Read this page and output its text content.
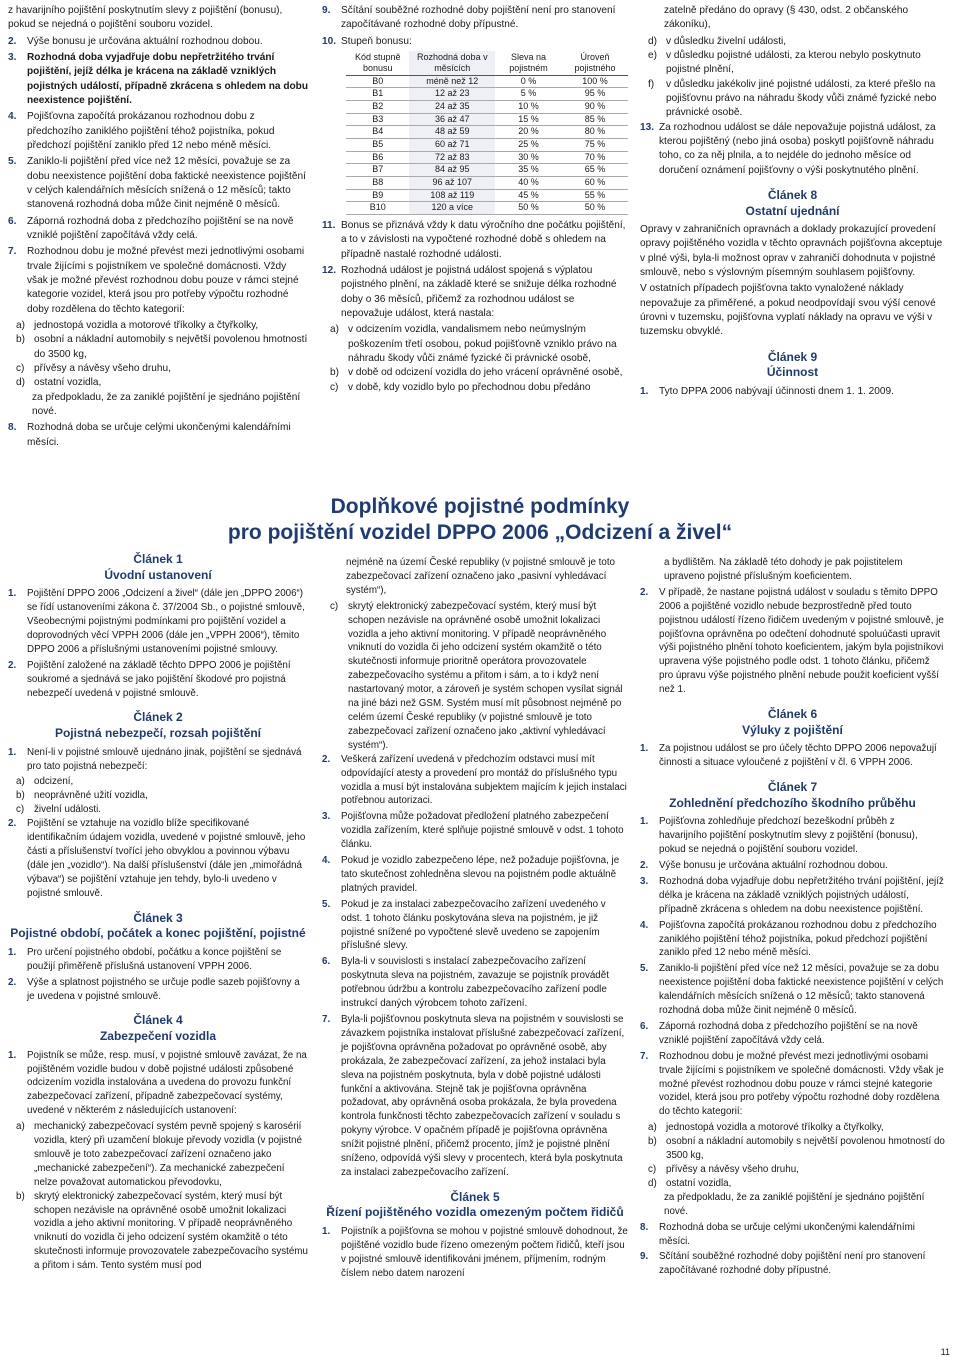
z havarijního pojištění poskytnutím slevy z pojištění (bonusu), pokud se nejedná o pojištění souboru vozidel.

2.	Výše bonusu je určována aktuální rozhodnou dobou.
3.	Rozhodná doba vyjadřuje dobu nepřetržitého trvání pojištění, jejíž délka je krácena na základě vzniklých pojistných událostí, případně zkrácena s ohledem na dobu neexistence pojištění.
4.	Pojišťovna započítá prokázanou rozhodnou dobu z předchozího zaniklého pojištění téhož pojistníka, pokud předchozí pojištění zaniklo před 12 nebo méně měsíci.
5.	Zaniklo-li pojištění před více než 12 měsíci, považuje se za dobu neexistence pojištění doba faktické neexistence pojištění v celých kalendářních měsících snížená o 12 měsíců; takto stanovená rozhodná doba může činit nejméně 0 měsíců.
6.	Záporná rozhodná doba z předchozího pojištění se na nově vzniklé pojištění započítává vždy celá.
7.	Rozhodnou dobu je možné převést mezi jednotlivými osobami trvale žijícími s pojistníkem ve společné domácnosti. Vždy však je možné převést rozhodnou dobu pouze v rámci stejné kategorie vozidel, která jsou pro potřeby výpočtu rozhodné doby rozdělena do těchto kategorií:
a) jednostopá vozidla a motorové tříkolky a čtyřkolky,
b) osobní a nákladní automobily s největší povolenou hmotností do 3500 kg,
c) přívěsy a návěsy všeho druhu,
d) ostatní vozidla,

za předpokladu, že za zaniklé pojištění je sjednáno pojištění nové.

8.	Rozhodná doba se určuje celými ukončenými kalendářními měsíci.
9.	Sčítání souběžné rozhodné doby pojištění není pro stanovení započítávané rozhodné doby přípustné.
10. Stupeň bonusu:
Kód stupně bonusu	Rozhodná doba v měsících	Sleva na pojistném	Úroveň pojistného
B0	méně než 12	0 %	100 %
B1	12 až 23	5 %	95 %
B2	24 až 35	10 %	90 %
B3	36 až 47	15 %	85 %
B4	48 až 59	20 %	80 %
B5	60 až 71	25 %	75 %
B6	72 až 83	30 %	70 %
B7	84 až 95	35 %	65 %
B8	96 až 107	40 %	60 %
B9	108 až 119	45 %	55 %
B10	120 a více	50 %	50 %
11. Bonus se přiznává vždy k datu výročního dne počátku pojištění, a to v závislosti na vypočtené rozhodné době s ohledem na případně nastalé rozhodné události.
12. Rozhodná událost je pojistná událost spojená s výplatou pojistného plnění, na základě které se snižuje délka rozhodné doby o 36 měsíců, přičemž za rozhodnou událost se nepovažuje událost, která nastala:
a) v odcizením vozidla, vandalismem nebo neúmyslným poškozením třetí osobou, pokud pojišťovně vzniklo právo na náhradu škody vůči známé fyzické či právnické osobě,
b) v době od odcizení vozidla do jeho vrácení oprávněné osobě,
c) v době, kdy vozidlo bylo po přechodnou dobu předáno

zatelně předáno do opravy (§ 430, odst. 2 občanského zákoníku),

d) v důsledku živelní události,
e) v důsledku pojistné události, za kterou nebylo poskytnuto pojistné plnění,
f)	v důsledku jakékoliv jiné pojistné události, za které přešlo na pojišťovnu právo na náhradu škody vůči známé fyzické nebo právnické osobě.
13. Za rozhodnou událost se dále nepovažuje pojistná událost, za kterou pojištěný (nebo jiná osoba) poskytl pojišťovně náhradu toho, co za něj plnila, a to nejdéle do jednoho měsíce od doručení oznámení pojišťovny o výši poskytnutého plnění.
Článek 8
Ostatní ujednání

Opravy v zahraničních opravnách a doklady prokazující provedení opravy pojištěného vozidla v těchto opravnách pojišťovna akceptuje v plné výši, byla-li možnost oprav v zahraničí dohodnuta v pojistné smlouvě, nebo s výslovným písemným souhlasem pojišťovny.

V ostatních případech pojišťovna takto vynaložené náklady nepovažuje za přiměřené, a pokud neodpovídají svou výší cenové úrovni v tuzemsku, pojišťovna vyplatí náklady na opravu ve výši v tuzemsku obvyklé.

Článek 9
Účinnost
1.	Tyto DPPA 2006 nabývají účinnosti dnem 1. 1. 2009.
Doplňkové pojistné podmínky
pro pojištění vozidel DPPO 2006 „Odcizení a živel“
Článek 1
Úvodní ustanovení
1.	Pojištění DPPO 2006 „Odcizení a živel“ (dále jen „DPPO 2006“) se řídí ustanoveními zákona č. 37/2004 Sb., o pojistné smlouvě, Všeobecnými pojistnými podmínkami pro pojištění vozidel a doprovodných věcí VPPH 2006 (dále jen „VPPH 2006“), těmito DPPO 2006 a příslušnými ustanoveními pojistné smlouvy.
2.	Pojištění založené na základě těchto DPPO 2006 je pojištění soukromé a sjednává se jako pojištění škodové pro pojistná nebezpečí uvedená v pojistné smlouvě.
Článek 2
Pojistná nebezpečí, rozsah pojištění
1.	Není-li v pojistné smlouvě ujednáno jinak, pojištění se sjednává pro tato pojistná nebezpečí:
a) odcizení,
b) neoprávněné užití vozidla,
c)	živelní události.
2.	Pojištění se vztahuje na vozidlo blíže specifikované identifikačním údajem vozidla, uvedené v pojistné smlouvě, jeho části a příslušenství tvořící jeho obvyklou a povinnou výbavu (dále jen „vozidlo“). Na další příslušenství (dále jen „mimořádná výbava“) se pojištění vztahuje jen tehdy, bylo-li uvedeno v pojistné smlouvě.
Článek 3
Pojistné období, počátek a konec pojištění, pojistné
1.	Pro určení pojistného období, počátku a konce pojištění se použijí přiměřeně příslušná ustanovení VPPH 2006.
2.	Výše a splatnost pojistného se určuje podle sazeb pojišťovny a je uvedena v pojistné smlouvě.
Článek 4
Zabezpečení vozidla
1.	Pojistník se může, resp. musí, v pojistné smlouvě zavázat, že na pojištěném vozidle budou v době pojistné události způsobené odcizením vozidla instalována a uvedena do provozu funkční zabezpečovací zařízení, případně zabezpečovací systémy, uvedené v některém z následujících ustanovení:
a) mechanický zabezpečovací systém pevně spojený s karosérií vozidla, který při uzamčení blokuje převody vozidla (v pojistné smlouvě je toto zabezpečovací zařízení označeno jako „mechanické zabezpečení“). Za mechanické zabezpečení nelze považovat automatickou převodovku,
b) skrytý elektronický zabezpečovací systém, který musí být schopen nezávisle na oprávněné osobě umožnit lokalizaci vozidla a jeho aktivní monitoring. V případě neoprávněného vniknutí do vozidla či jeho odcizení systém okamžitě o této skutečnosti informuje provozovatele zabezpečovacího systému a přitom i sám. Tento systém musí pod

nejméně na území České republiky (v pojistné smlouvě je toto zabezpečovací zařízení označeno jako „pasivní vyhledávací systém“),

c)	skrytý elektronický zabezpečovací systém, který musí být schopen nezávisle na oprávněné osobě umožnit lokalizaci vozidla a jeho aktivní monitoring. V případě neoprávněného vniknutí do vozidla či jeho odcizení systém okamžitě o této skutečnosti informuje prioritně operátora provozovatele zabezpečovacího systému a přitom i sám, a to i když není nastartovaný motor, a zároveň je systém schopen vysílat signál na jiné bázi než GSM. Systém musí mít působnost nejméně po celém území České republiky (v pojistné smlouvě je toto zabezpečovací zařízení označeno jako „aktivní vyhledávací systém“).
2.	Veškerá zařízení uvedená v předchozím odstavci musí mít odpovídající atesty a provedení pro montáž do příslušného typu vozidla a musí být instalována subjektem majícím k jejich instalaci potřebnou autorizaci.
3.	Pojišťovna může požadovat předložení platného zabezpečení vozidla zařízením, které splňuje pojistné smlouvě v odst. 1 tohoto článku.
4.	Pokud je vozidlo zabezpečeno lépe, než požaduje pojišťovna, je tato skutečnost zohledněna slevou na pojistném podle aktuálně platných pravidel.
5.	Pokud je za instalaci zabezpečovacího zařízení uvedeného v odst. 1 tohoto článku poskytována sleva na pojistném, je již pojistné snížené po vypočtené slevě uvedeno se zapojením příslušné slevy.
6.	Byla-li v souvislosti s instalací zabezpečovacího zařízení poskytnuta sleva na pojistném, zavazuje se pojistník provádět potřebnou údržbu a kontrolu zabezpečovacího zařízení podle instrukcí daných výrobcem tohoto zařízení.
7.	Byla-li pojišťovnou poskytnuta sleva na pojistném v souvislosti se závazkem pojistníka instalovat příslušné zabezpečovací zařízení, je pojišťovna oprávněna požadovat po oprávněné osobě, aby prokázala, že zabezpečovací zařízení, za jehož instalaci byla sleva na pojistném poskytnuta, byla v době pojistné události funkční a aktivována. Stejně tak je pojišťovna oprávněna požadovat, aby oprávněná osoba prokázala, že byla provedena kontrola funkčnosti těchto zabezpečovacích zařízení v souladu s pokyny výrobce. V opačném případě je pojišťovna oprávněna snížit pojistné plnění, přičemž procento, jímž je pojistné plnění sníženo, odpovídá výši slevy v procentech, která byla poskytnuta za instalaci zabezpečovacího zařízení.
Článek 5
Řízení pojištěného vozidla omezeným počtem řidičů
1.	Pojistník a pojišťovna se mohou v pojistné smlouvě dohodnout, že pojištěné vozidlo bude řízeno omezeným počtem řidičů, kteří jsou v pojistné smlouvě identifikováni jménem, příjmením, rodným číslem nebo datem narození

a bydlištěm. Na základě této dohody je pak pojistitelem upraveno pojistné příslušným koeficientem.

2.	V případě, že nastane pojistná událost v souladu s těmito DPPO 2006 a pojištěné vozidlo nebude bezprostředně před touto pojistnou událostí řízeno řidičem uvedeným v pojistné smlouvě, je pojišťovna oprávněna po odečtení dohodnuté spoluúčasti upravit výši pojistného plnění tohoto koeficientem, jakým byla pojistníkovi upravena výše pojistného podle odst. 1 tohoto článku, přičemž pro úpravu výše pojistného plnění nebude použit koeficient vyšší než 1.
Článek 6
Výluky z pojištění
1.	Za pojistnou událost se pro účely těchto DPPO 2006 nepovažují činnosti a situace vyloučené z pojištění v čl. 6 VPPH 2006.
Článek 7
Zohlednění předchozího škodního průběhu
1.	Pojišťovna zohledňuje předchozí bezeškodní průběh z havarijního pojištění poskytnutím slevy z pojištění (bonusu), pokud se nejedná o pojištění souboru vozidel.
2.	Výše bonusu je určována aktuální rozhodnou dobou.
3.	Rozhodná doba vyjadřuje dobu nepřetržitého trvání pojištění, jejíž délka je krácena na základě vzniklých pojistných událostí, případně zkrácena s ohledem na dobu neexistence pojištění.
4.	Pojišťovna započítá prokázanou rozhodnou dobu z předchozího zaniklého pojištění téhož pojistníka, pokud předchozí pojištění zaniklo před 12 nebo méně měsíci.
5.	Zaniklo-li pojištění před více než 12 měsíci, považuje se za dobu neexistence pojištění doba faktické neexistence pojištění v celých kalendářních měsících snížená o 12 měsíců; takto stanovená rozhodná doba může činit nejméně 0 měsíců.
6.	Záporná rozhodná doba z předchozího pojištění se na nově vzniklé pojištění započítává vždy celá.
7.	Rozhodnou dobu je možné převést mezi jednotlivými osobami trvale žijícími s pojistníkem ve společné domácnosti. Vždy však je možné převést rozhodnou dobu pouze v rámci stejné kategorie vozidel, která jsou pro potřeby výpočtu rozhodné doby rozdělena do těchto kategorií:
a) jednostopá vozidla a motorové tříkolky a čtyřkolky,
b) osobní a nákladní automobily s největší povolenou hmotností do 3500 kg,
c)	přívěsy a návěsy všeho druhu,
d) ostatní vozidla,

za předpokladu, že za zaniklé pojištění je sjednáno pojištění nové.

8.	Rozhodná doba se určuje celými ukončenými kalendářními měsíci.
9.	Sčítání souběžné rozhodné doby pojištění není pro stanovení započítávané rozhodné doby přípustné.
11
